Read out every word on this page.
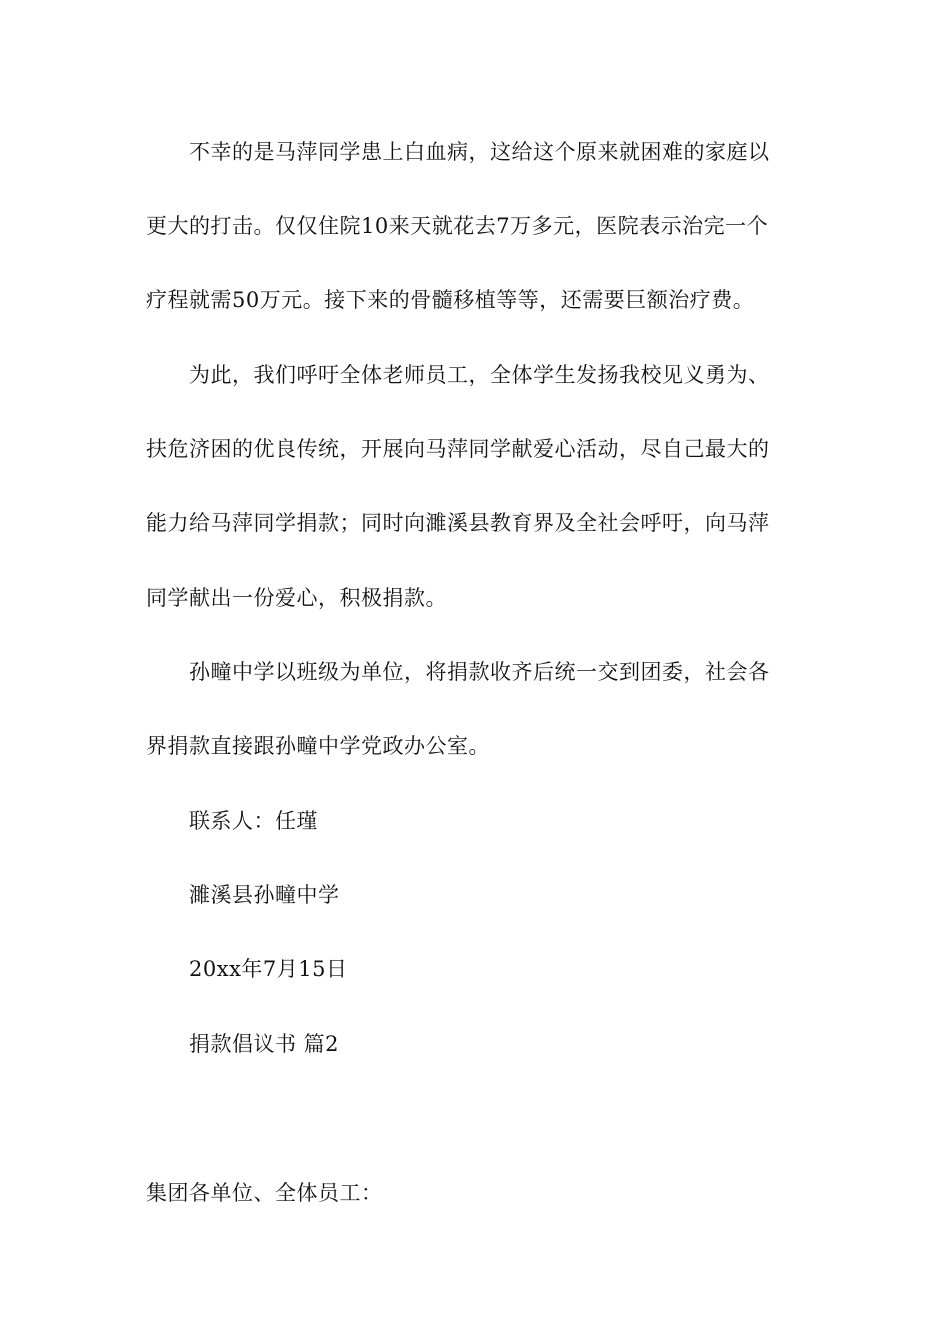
不幸的是马萍同学患上白血病，这给这个原来就困难的家庭以
更大的打击。仅仅住院10来天就花去7万多元，医院表示治完一个
疗程就需50万元。接下来的骨髓移植等等，还需要巨额治疗费。
为此，我们呼吁全体老师员工，全体学生发扬我校见义勇为、
扶危济困的优良传统，开展向马萍同学献爱心活动，尽自己最大的
能力给马萍同学捐款；同时向濉溪县教育界及全社会呼吁，向马萍
同学献出一份爱心，积极捐款。
孙疃中学以班级为单位，将捐款收齐后统一交到团委，社会各
界捐款直接跟孙疃中学党政办公室。
联系人：任瑾
濉溪县孙疃中学
20xx年7月15日
捐款倡议书 篇2
集团各单位、全体员工：
